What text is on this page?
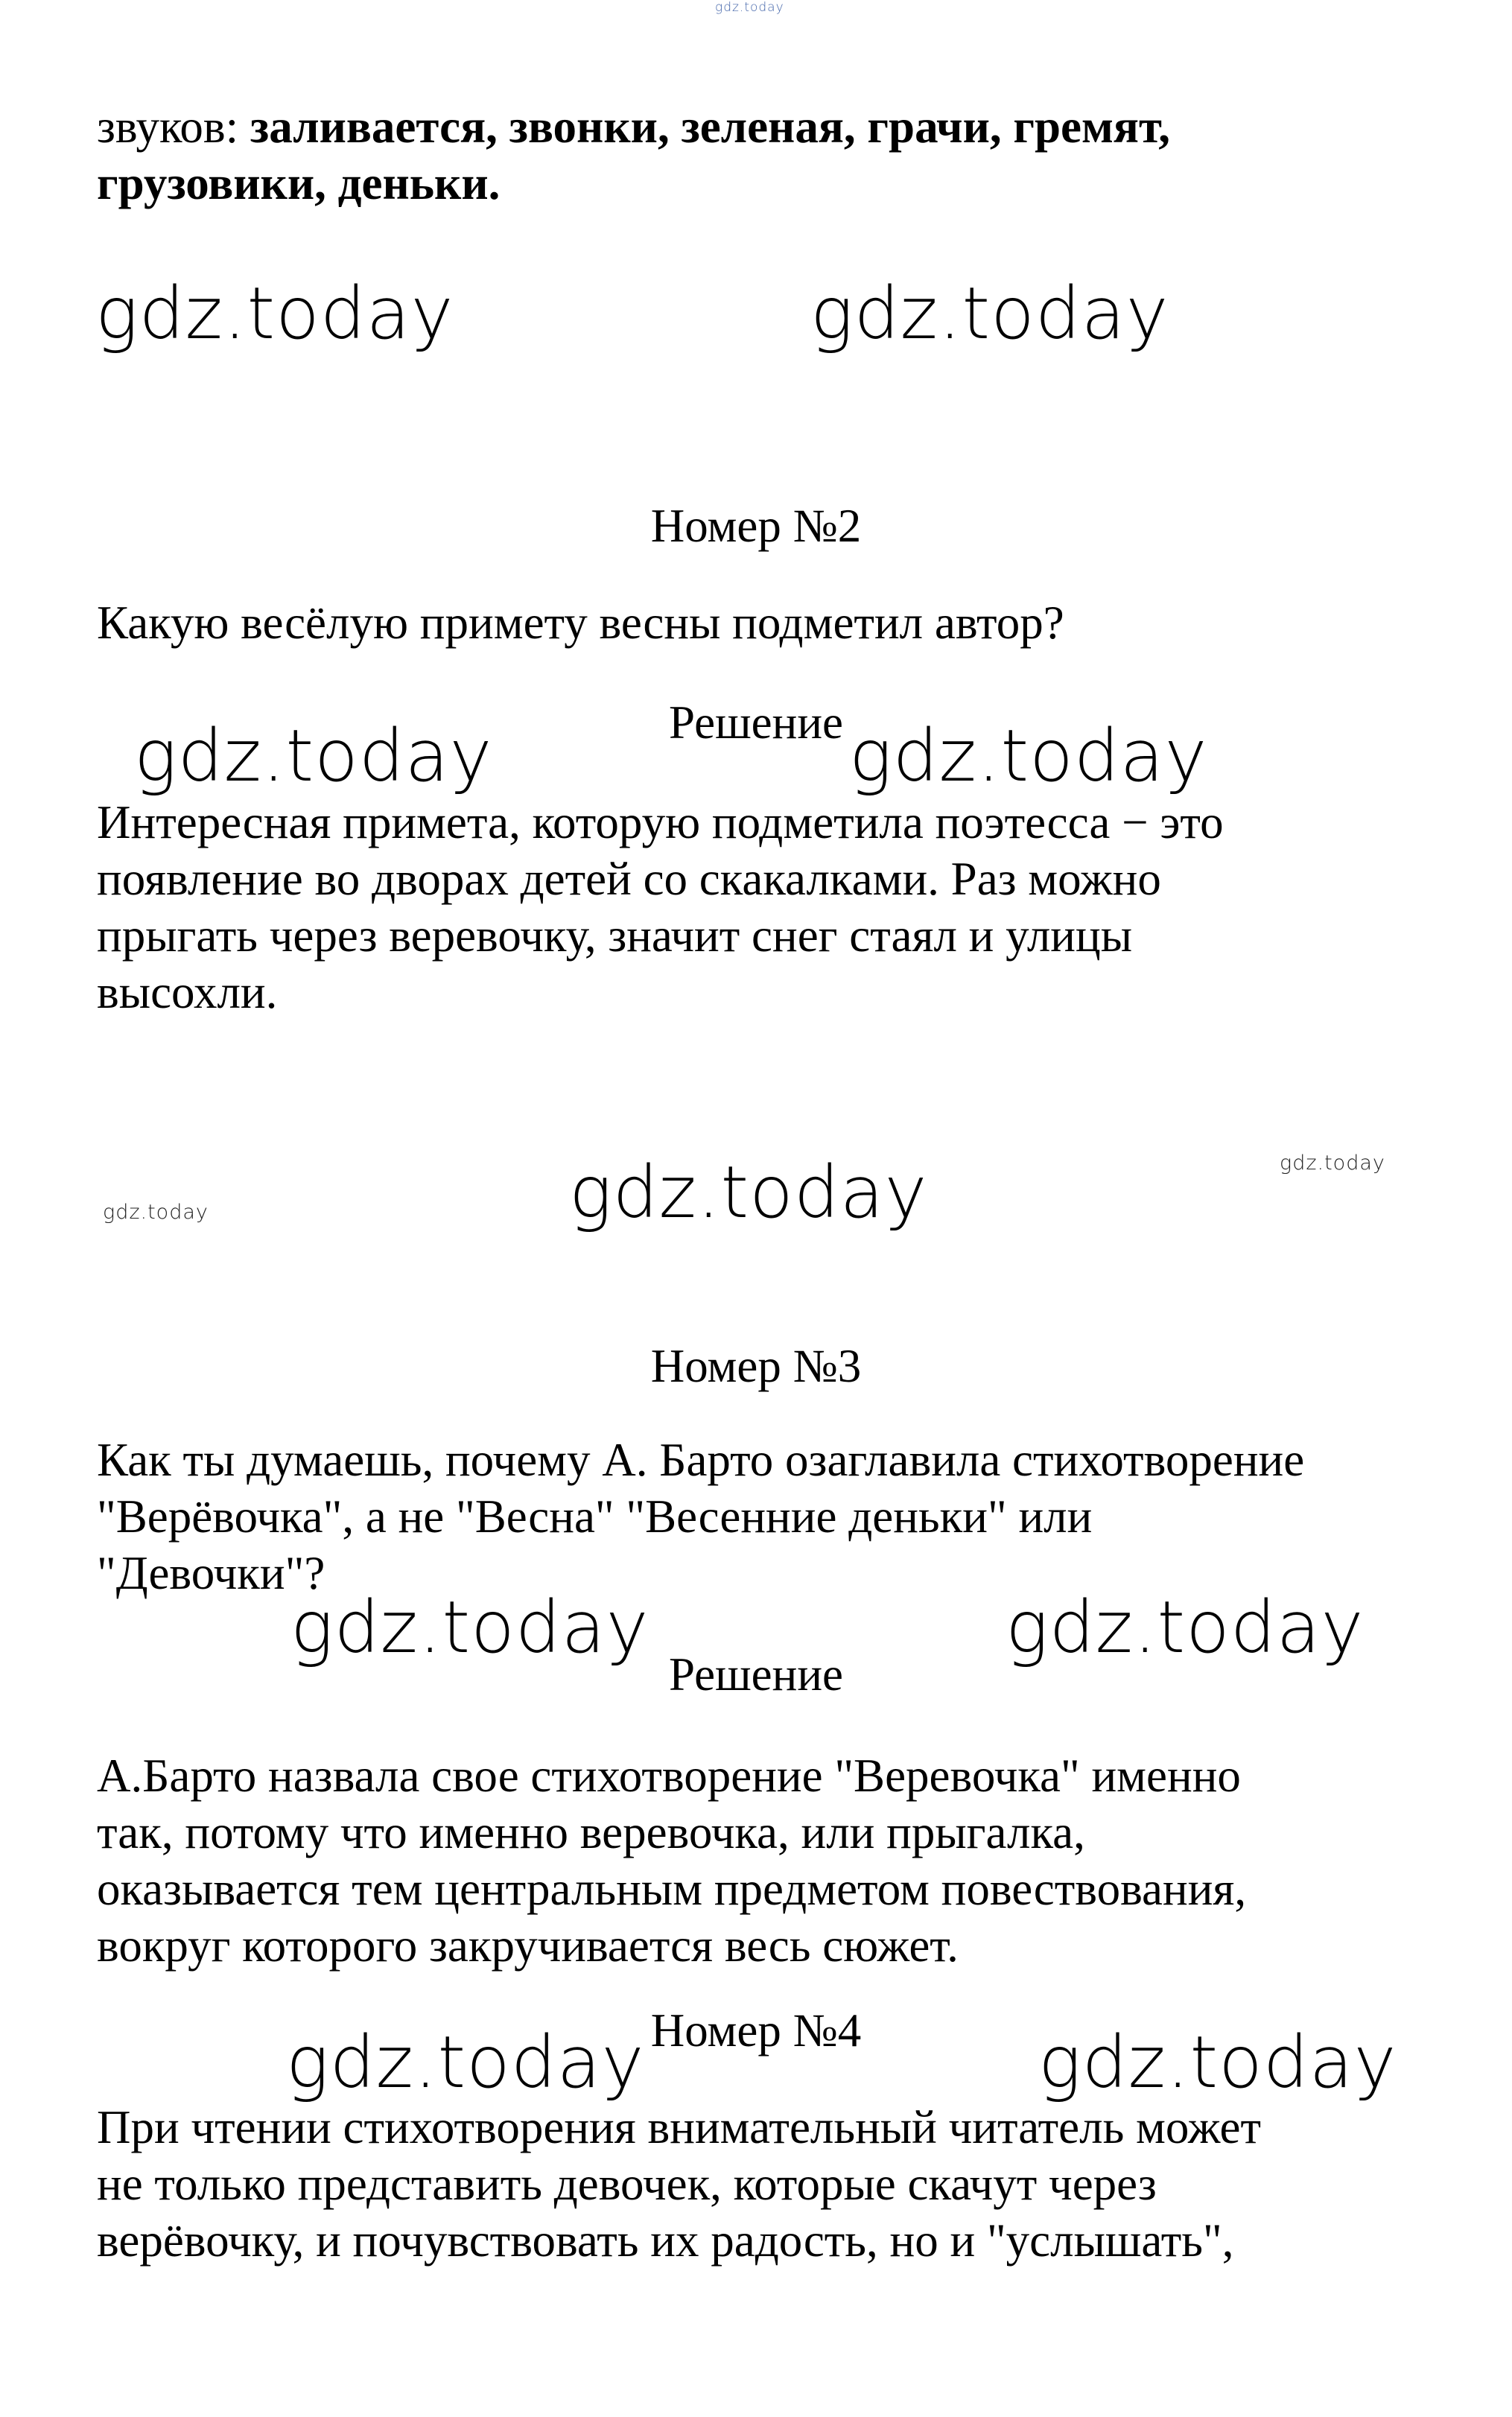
gdz.today
звуков: заливается, звонки, зеленая, грачи, гремят,
грузовики, деньки.
gdz.today	gdz.today
Номер №2
Какую весёлую примету весны подметил автор?
Решение
gdz.today	gdz.today
Интересная примета, которую подметила поэтесса − это
появление во дворах детей со скакалками. Раз можно
прыгать через веревочку, значит снег стаял и улицы
высохли.
gdz.today	gdz.today
gdz.today
Номер №3
Как ты думаешь, почему А. Барто озаглавила стихотворение
"Верёвочка", а не "Весна" "Весенние деньки" или
"Девочки"?
gdz.today	gdz.today
Решение
А.Барто назвала свое стихотворение "Веревочка" именно
так, потому что именно веревочка, или прыгалка,
оказывается тем центральным предметом повествования,
вокруг которого закручивается весь сюжет.
Номер №4
gdz.today	gdz.today
При чтении стихотворения внимательный читатель может
не только представить девочек, которые скачут через
верёвочку, и почувствовать их радость, но и "услышать",
